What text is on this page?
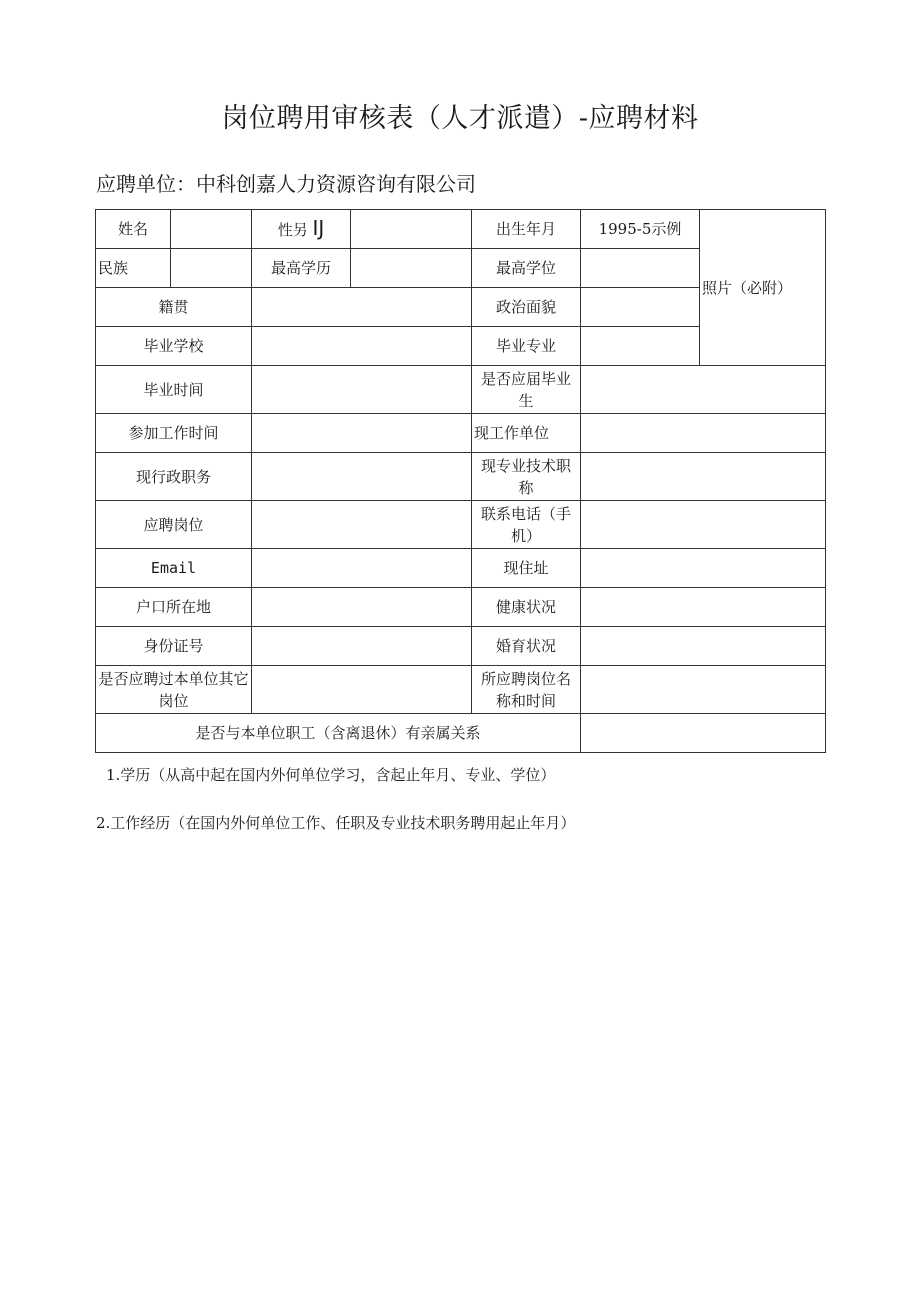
岗位聘用审核表（人才派遣）-应聘材料
应聘单位：中科创嘉人力资源咨询有限公司
姓名		性另 IJ		出生年月	1995-5示例	照片（必附）
民族		最高学历		最高学位		
籍贯				政治面貌		
毕业学校				毕业专业		
毕业时间				是否应届毕业生		
参加工作时间				现工作单位		
现行政职务				现专业技术职称		
应聘岗位				联系电话（手机）		
Email				现住址		
户口所在地				健康状况		
身份证号				婚育状况		
是否应聘过本单位其它岗位				所应聘岗位名称和时间		
是否与本单位职工（含离退休）有亲属关系						
1.学历（从高中起在国内外何单位学习，含起止年月、专业、学位）
2.工作经历（在国内外何单位工作、任职及专业技术职务聘用起止年月）
